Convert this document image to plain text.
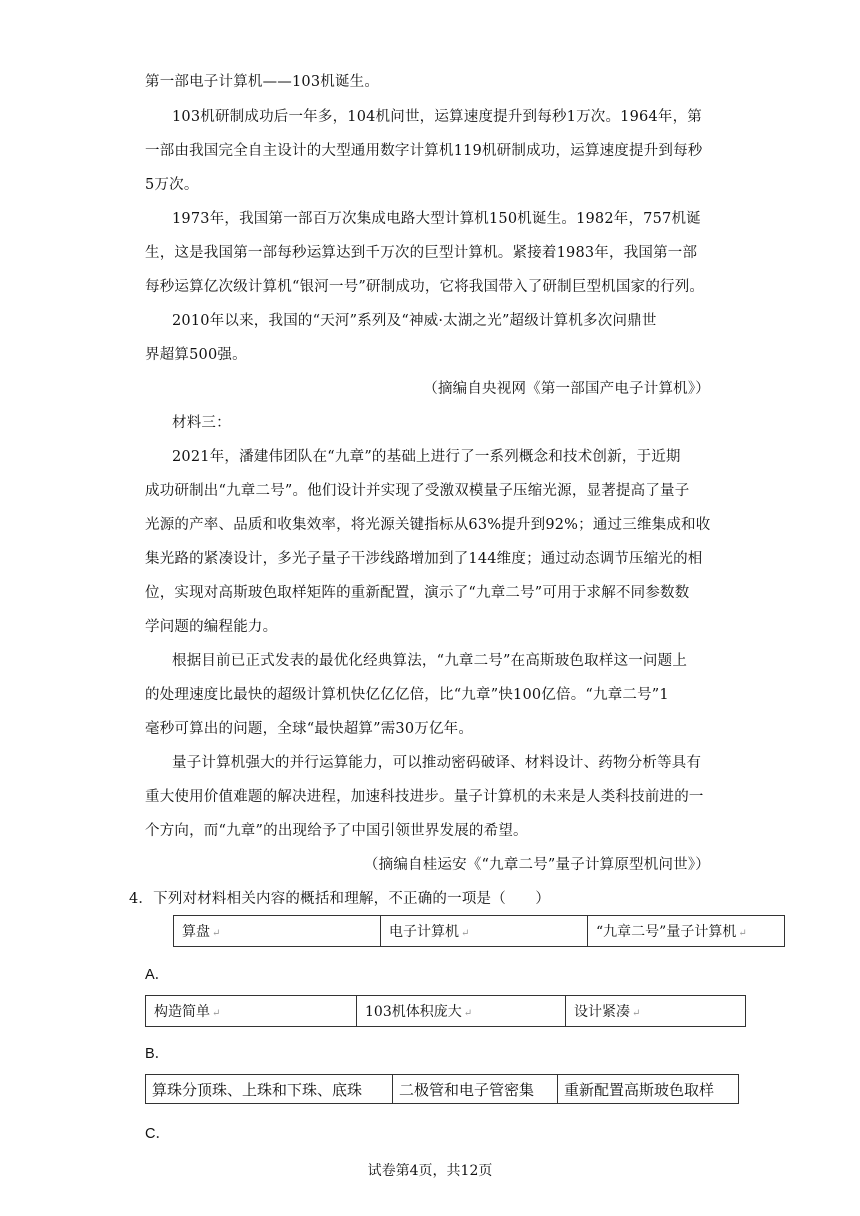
第一部电子计算机——103机诞生。
103机研制成功后一年多，104机问世，运算速度提升到每秒1万次。1964年，第
一部由我国完全自主设计的大型通用数字计算机119机研制成功，运算速度提升到每秒
5万次。
1973年，我国第一部百万次集成电路大型计算机150机诞生。1982年，757机诞
生，这是我国第一部每秒运算达到千万次的巨型计算机。紧接着1983年，我国第一部
每秒运算亿次级计算机“银河一号”研制成功，它将我国带入了研制巨型机国家的行列。
2010年以来，我国的“天河”系列及“神威·太湖之光”超级计算机多次问鼎世
界超算500强。
（摘编自央视网《第一部国产电子计算机》）
材料三：
2021年，潘建伟团队在“九章”的基础上进行了一系列概念和技术创新，于近期
成功研制出“九章二号”。他们设计并实现了受激双模量子压缩光源，显著提高了量子
光源的产率、品质和收集效率，将光源关键指标从63%提升到92%；通过三维集成和收
集光路的紧凑设计，多光子量子干涉线路增加到了144维度；通过动态调节压缩光的相
位，实现对高斯玻色取样矩阵的重新配置，演示了“九章二号”可用于求解不同参数数
学问题的编程能力。
根据目前已正式发表的最优化经典算法，“九章二号”在高斯玻色取样这一问题上
的处理速度比最快的超级计算机快亿亿亿倍，比“九章”快100亿倍。“九章二号”1
毫秒可算出的问题，全球“最快超算”需30万亿年。
量子计算机强大的并行运算能力，可以推动密码破译、材料设计、药物分析等具有
重大使用价值难题的解决进程，加速科技进步。量子计算机的未来是人类科技前进的一
个方向，而“九章”的出现给予了中国引领世界发展的希望。
（摘编自桂运安《“九章二号”量子计算原型机问世》）
4．下列对材料相关内容的概括和理解，不正确的一项是（　　）
算盘 ↵	电子计算机 ↵	“九章二号”量子计算机 ↵
A．
构造简单 ↵	103机体积庞大 ↵	设计紧凑 ↵
B．
算珠分顶珠、上珠和下珠、底珠	二极管和电子管密集	重新配置高斯玻色取样
C．
试卷第4页，共12页
